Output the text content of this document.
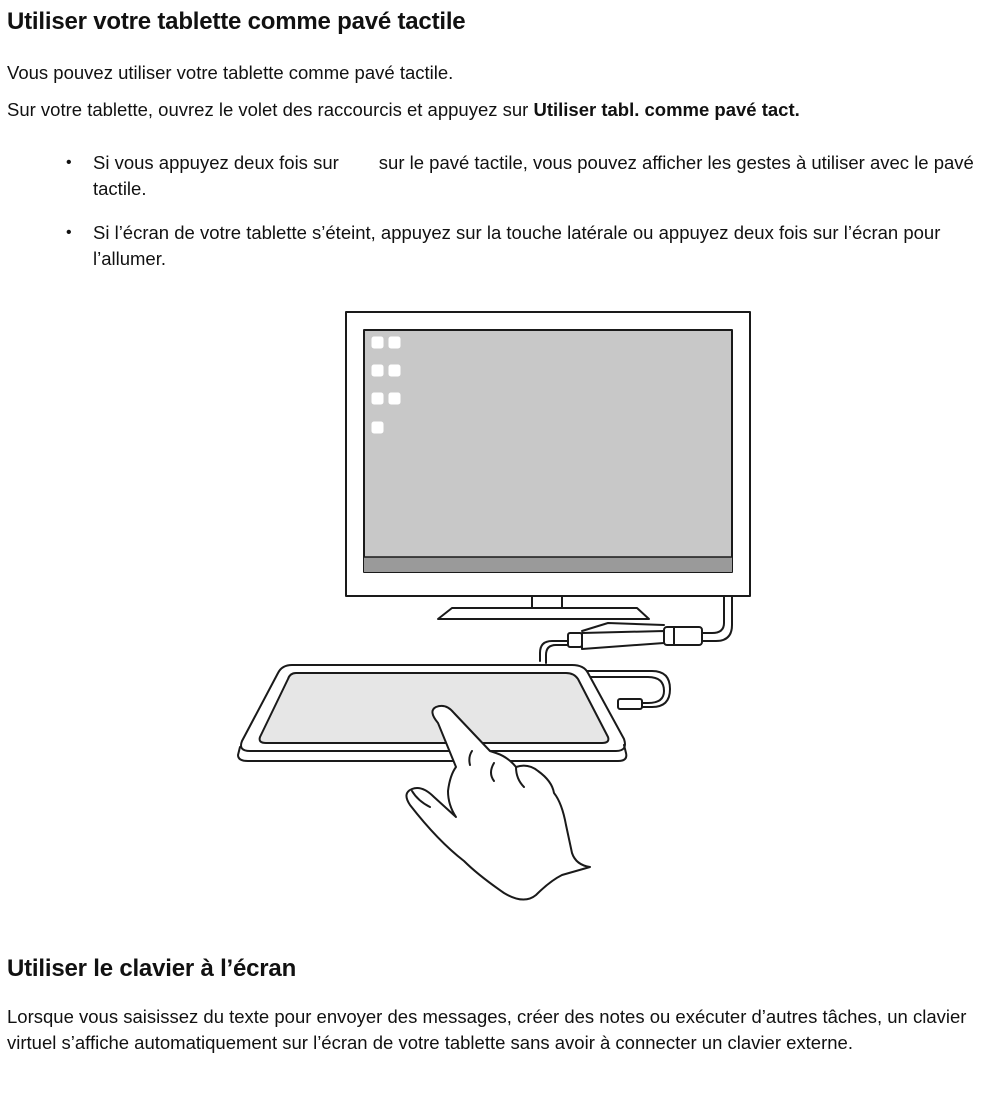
Utiliser votre tablette comme pavé tactile

Vous pouvez utiliser votre tablette comme pavé tactile.

Sur votre tablette, ouvrez le volet des raccourcis et appuyez sur Utiliser tabl. comme pavé tact.

• Si vous appuyez deux fois sur sur le pavé tactile, vous pouvez afficher les gestes à utiliser avec le pavé tactile.

• Si l’écran de votre tablette s’éteint, appuyez sur la touche latérale ou appuyez deux fois sur l’écran pour l’allumer.

Utiliser le clavier à l’écran

Lorsque vous saisissez du texte pour envoyer des messages, créer des notes ou exécuter d’autres tâches, un clavier virtuel s’affiche automatiquement sur l’écran de votre tablette sans avoir à connecter un clavier externe.
